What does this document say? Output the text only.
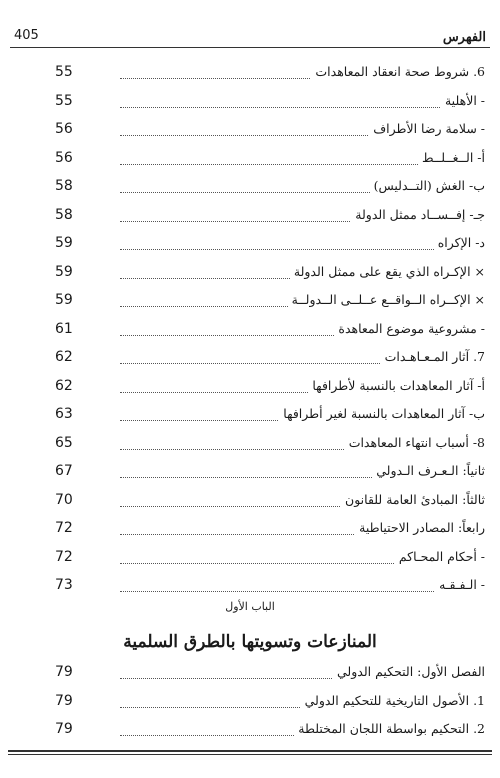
405	الفهرس
55	6. شروط صحة انعقاد المعاهدات
55	- الأهلية
56	- سلامة رضا الأطراف
56	أ- الــغــلــط
58	ب- الغش (التــدليس)
58	جـ- إفــســاد ممثل الدولة
59	د- الإكراه
59	× الإكـراه الذي يقع على ممثل الدولة
59	× الإكــراه الــواقــع عــلــى الــدولــة
61	- مشروعية موضوع المعاهدة
62	7. آثار المـعـاهـدات
62	أ- آثار المعاهدات بالنسبة لأطرافها
63	ب- آثار المعاهدات بالنسبة لغير أطرافها
65	8- أسباب انتهاء المعاهدات
67	ثانياً: الـعـرف الـدولي
70	ثالثاً: المبادئ العامة للقانون
72	رابعاً: المصادر الاحتياطية
72	- أحكام المحـاكم
73	- الـفـقـه
الباب الأول
المنازعات وتسويتها بالطرق السلمية
79	الفصل الأول: التحكيم الدولي
79	1. الأصول التاريخية للتحكيم الدولي
79	2. التحكيم بواسطة اللجان المختلطة
